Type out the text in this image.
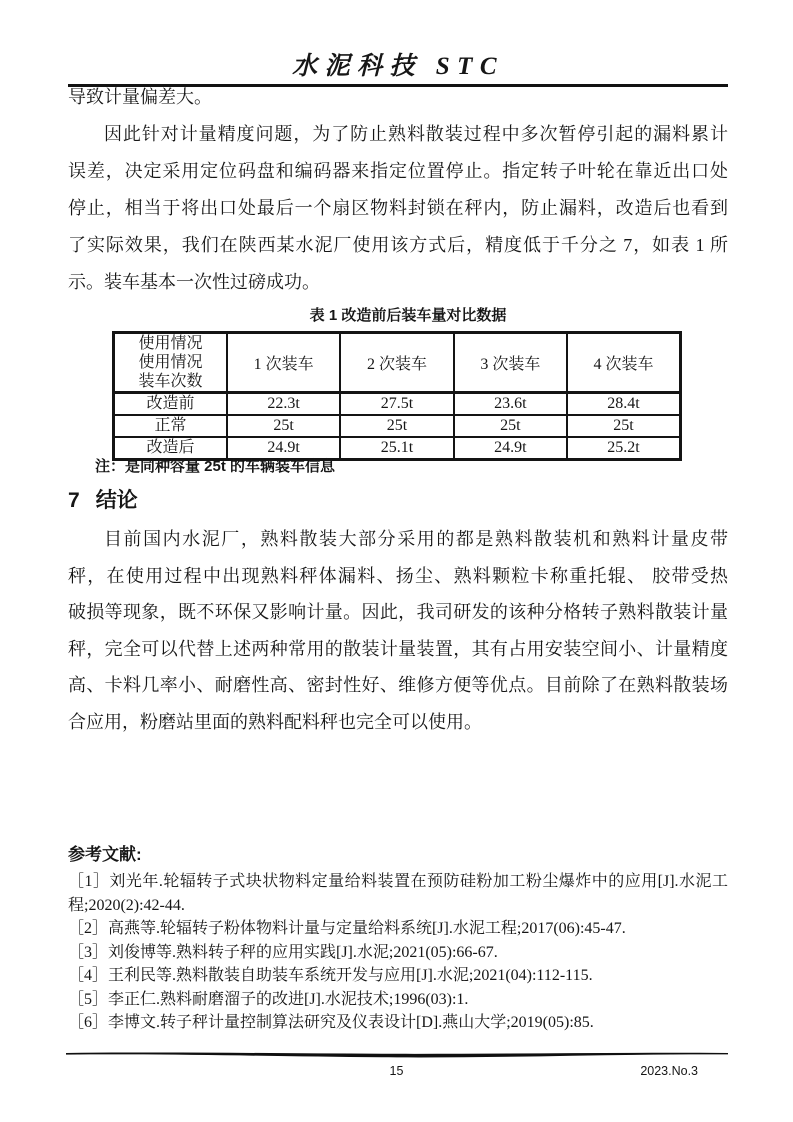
水泥科技 STC
导致计量偏差大。
因此针对计量精度问题，为了防止熟料散装过程中多次暂停引起的漏料累计
误差，决定采用定位码盘和编码器来指定位置停止。指定转子叶轮在靠近出口处
停止，相当于将出口处最后一个扇区物料封锁在秤内，防止漏料，改造后也看到
了实际效果，我们在陕西某水泥厂使用该方式后，精度低于千分之 7，如表 1 所
示。装车基本一次性过磅成功。
表 1 改造前后装车量对比数据
使用情况
使用情况
装车次数	1 次装车	2 次装车	3 次装车	4 次装车
改造前	22.3t	27.5t	23.6t	28.4t
正常	25t	25t	25t	25t
改造后	24.9t	25.1t	24.9t	25.2t
注：是同种容量 25t 的车辆装车信息
7 结论
目前国内水泥厂，熟料散装大部分采用的都是熟料散装机和熟料计量皮带
秤，在使用过程中出现熟料秤体漏料、扬尘、熟料颗粒卡称重托辊、 胶带受热
破损等现象，既不环保又影响计量。因此，我司研发的该种分格转子熟料散装计量
秤，完全可以代替上述两种常用的散装计量装置，其有占用安装空间小、计量精度
高、卡料几率小、耐磨性高、密封性好、维修方便等优点。目前除了在熟料散装场
合应用，粉磨站里面的熟料配料秤也完全可以使用。
参考文献:
［1］刘光年.轮辐转子式块状物料定量给料装置在预防硅粉加工粉尘爆炸中的应用[J].水泥工
程;2020(2):42-44.
［2］高燕等.轮辐转子粉体物料计量与定量给料系统[J].水泥工程;2017(06):45-47.
［3］刘俊博等.熟料转子秤的应用实践[J].水泥;2021(05):66-67.
［4］王利民等.熟料散装自助装车系统开发与应用[J].水泥;2021(04):112-115.
［5］李正仁.熟料耐磨溜子的改进[J].水泥技术;1996(03):1.
［6］李博文.转子秤计量控制算法研究及仪表设计[D].燕山大学;2019(05):85.
15	2023.No.3
